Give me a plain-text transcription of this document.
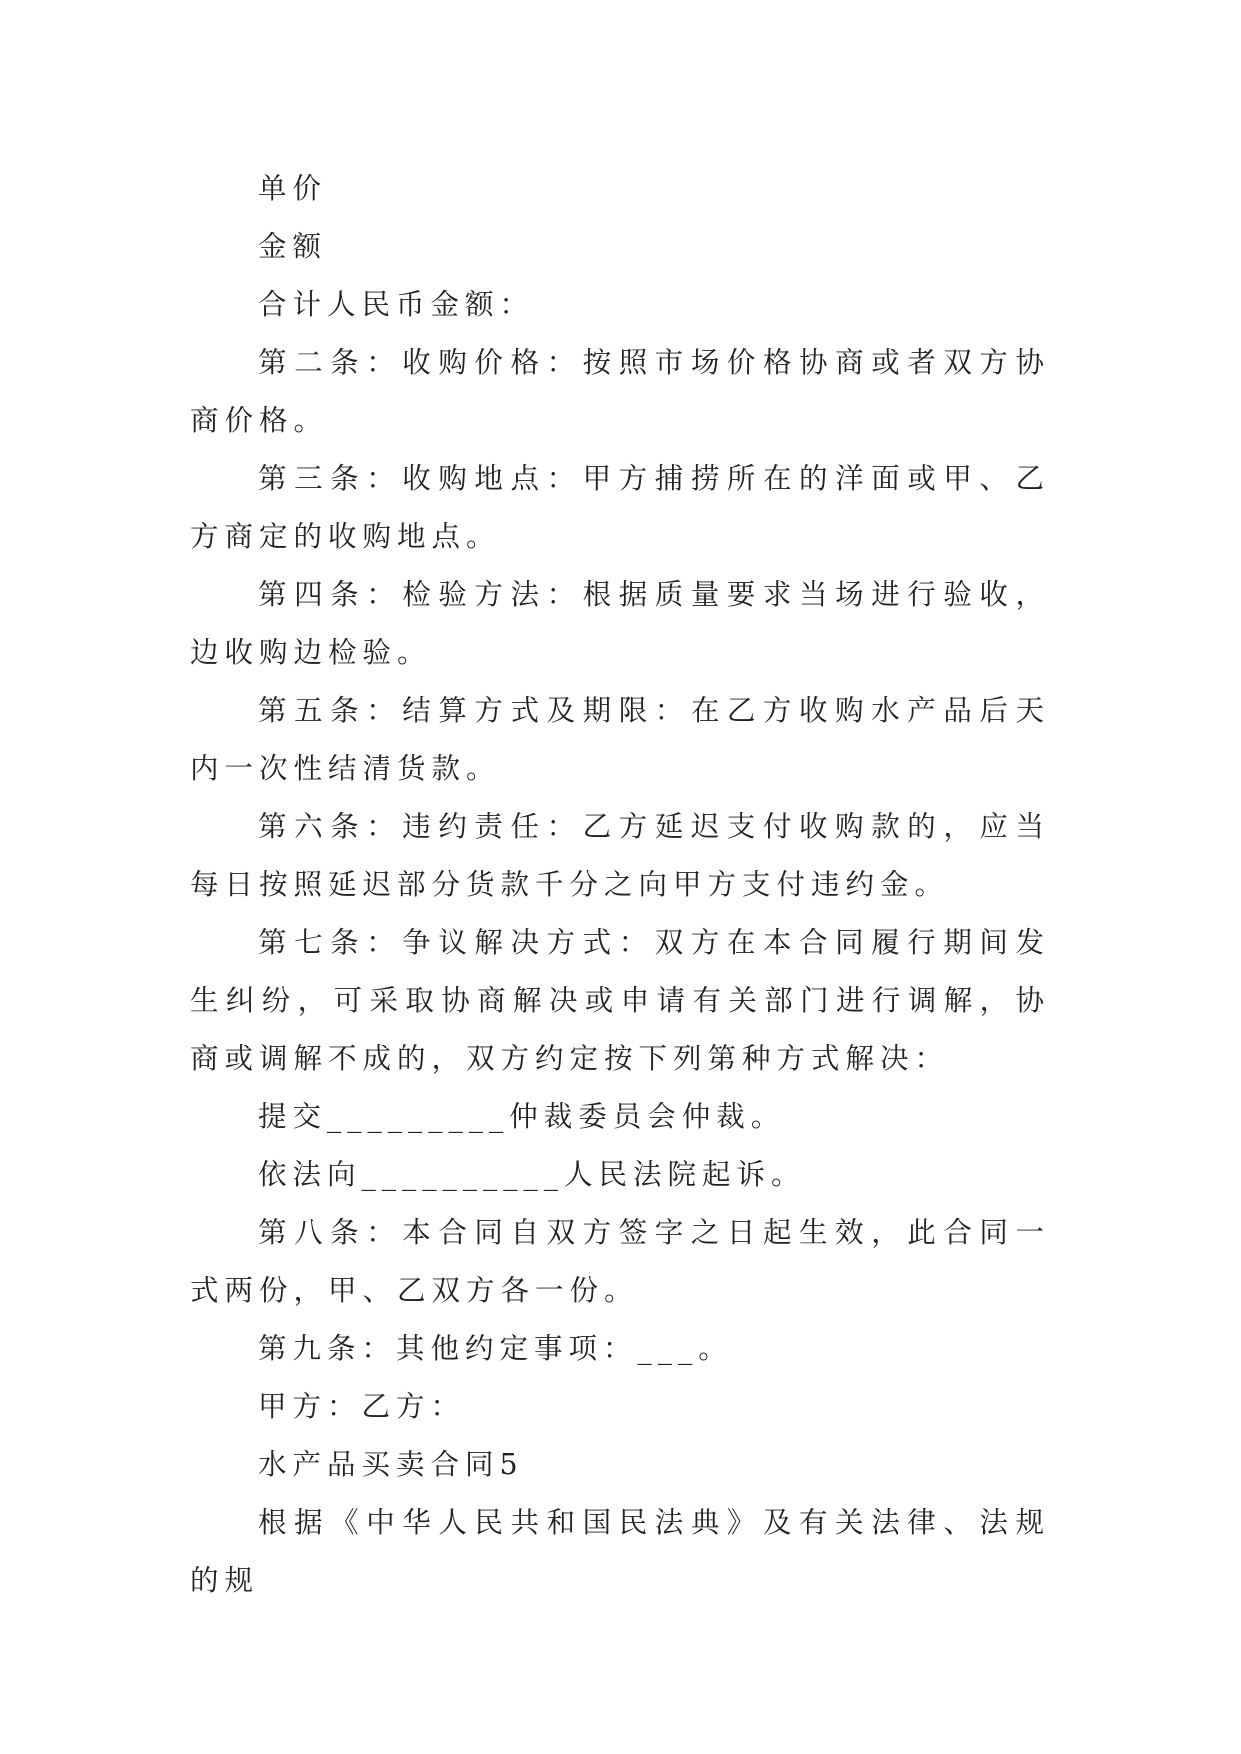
单价

金额

合计人民币金额：

第二条：收购价格：按照市场价格协商或者双方协商价格。

第三条：收购地点：甲方捕捞所在的洋面或甲、乙方商定的收购地点。

第四条：检验方法：根据质量要求当场进行验收，边收购边检验。

第五条：结算方式及期限：在乙方收购水产品后天内一次性结清货款。

第六条：违约责任：乙方延迟支付收购款的，应当每日按照延迟部分货款千分之向甲方支付违约金。

第七条：争议解决方式：双方在本合同履行期间发生纠纷，可采取协商解决或申请有关部门进行调解，协商或调解不成的，双方约定按下列第种方式解决：

提交_________仲裁委员会仲裁。

依法向__________人民法院起诉。

第八条：本合同自双方签字之日起生效，此合同一式两份，甲、乙双方各一份。

第九条：其他约定事项：___。

甲方：乙方：

水产品买卖合同5

根据《中华人民共和国民法典》及有关法律、法规的规
